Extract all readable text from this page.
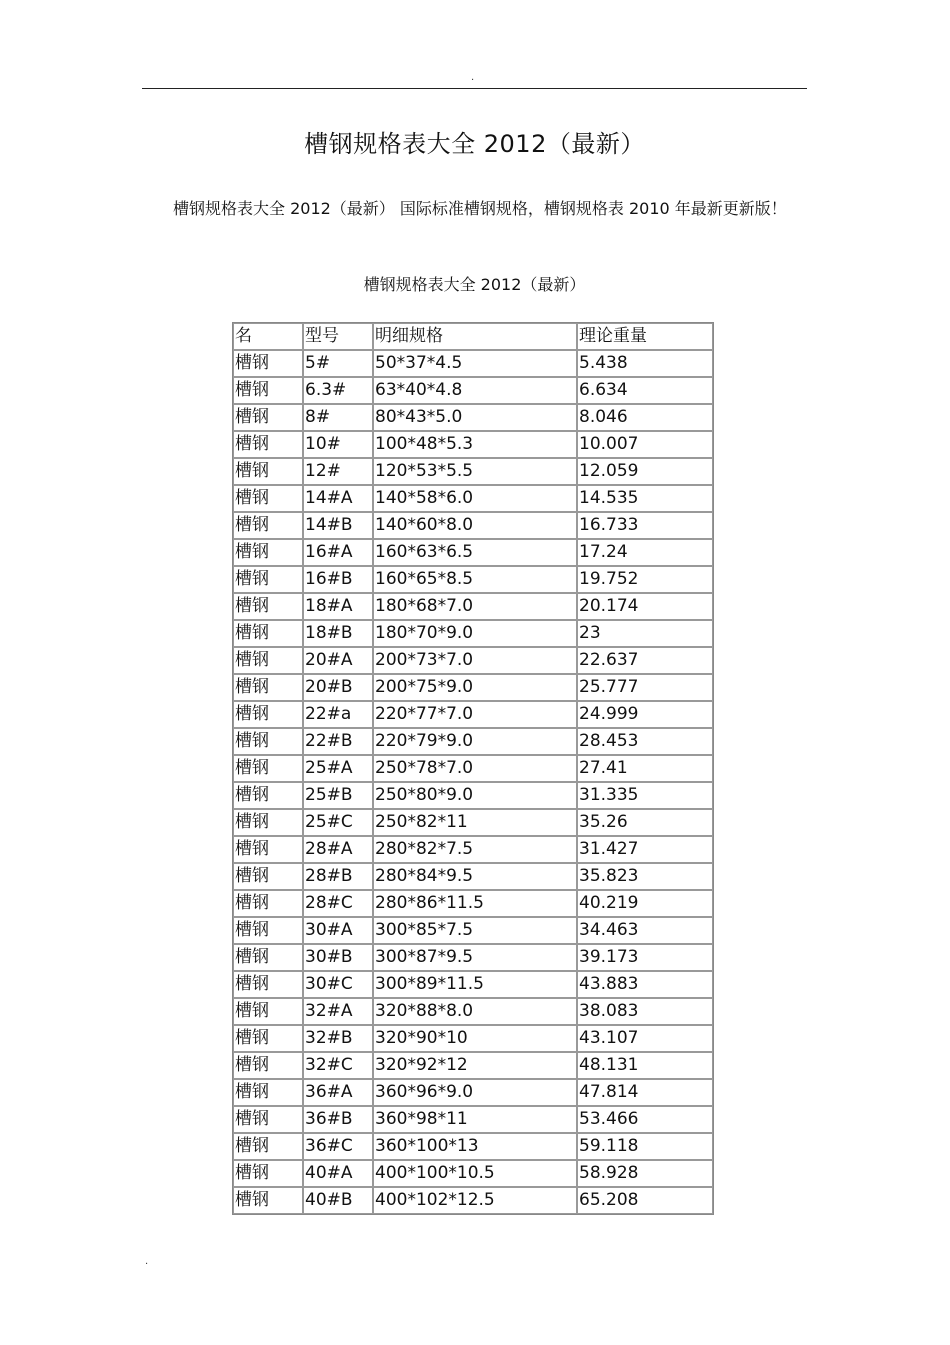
.
槽钢规格表大全 2012（最新）
槽钢规格表大全 2012（最新） 国际标准槽钢规格，槽钢规格表 2010 年最新更新版！
槽钢规格表大全 2012（最新）
名	型号	明细规格	理论重量
槽钢	5#	50*37*4.5	5.438
槽钢	6.3#	63*40*4.8	6.634
槽钢	8#	80*43*5.0	8.046
槽钢	10#	100*48*5.3	10.007
槽钢	12#	120*53*5.5	12.059
槽钢	14#A	140*58*6.0	14.535
槽钢	14#B	140*60*8.0	16.733
槽钢	16#A	160*63*6.5	17.24
槽钢	16#B	160*65*8.5	19.752
槽钢	18#A	180*68*7.0	20.174
槽钢	18#B	180*70*9.0	23
槽钢	20#A	200*73*7.0	22.637
槽钢	20#B	200*75*9.0	25.777
槽钢	22#a	220*77*7.0	24.999
槽钢	22#B	220*79*9.0	28.453
槽钢	25#A	250*78*7.0	27.41
槽钢	25#B	250*80*9.0	31.335
槽钢	25#C	250*82*11	35.26
槽钢	28#A	280*82*7.5	31.427
槽钢	28#B	280*84*9.5	35.823
槽钢	28#C	280*86*11.5	40.219
槽钢	30#A	300*85*7.5	34.463
槽钢	30#B	300*87*9.5	39.173
槽钢	30#C	300*89*11.5	43.883
槽钢	32#A	320*88*8.0	38.083
槽钢	32#B	320*90*10	43.107
槽钢	32#C	320*92*12	48.131
槽钢	36#A	360*96*9.0	47.814
槽钢	36#B	360*98*11	53.466
槽钢	36#C	360*100*13	59.118
槽钢	40#A	400*100*10.5	58.928
槽钢	40#B	400*102*12.5	65.208
.
